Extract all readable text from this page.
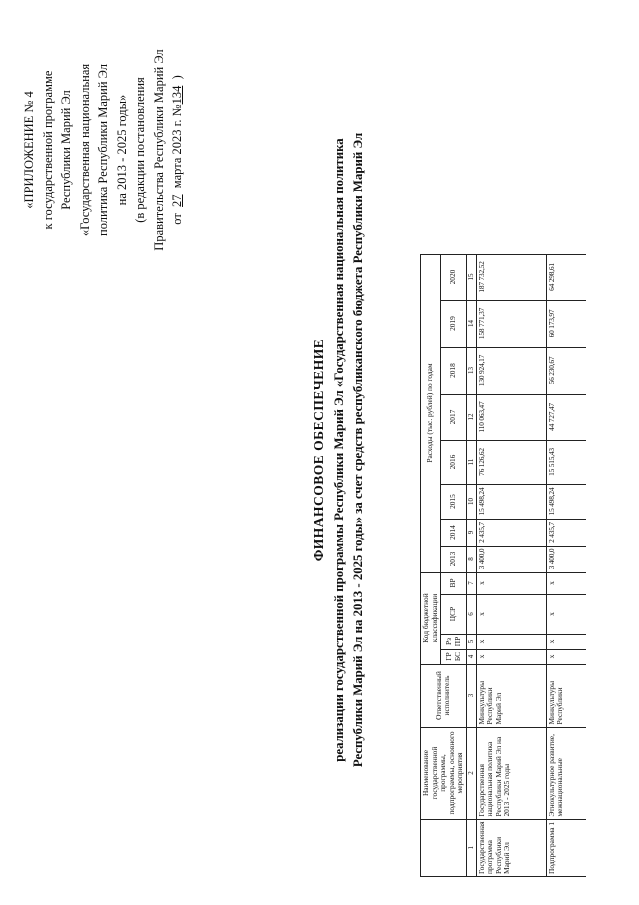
«ПРИЛОЖЕНИЕ № 4 к государственной программе Республики Марий Эл «Государственная национальная политика Республики Марий Эл на 2013 - 2025 годы» (в редакции постановления Правительства Республики Марий Эл от  27  марта 2023 г. №134  )
ФИНАНСОВОЕ ОБЕСПЕЧЕНИЕ реализации государственной программы Республики Марий Эл «Государственная национальная политика Республики Марий Эл на 2013 - 2025 годы» за счет средств республиканского бюджета Республики Марий Эл
	Наименование государственной программы, подпрограммы, основного мероприятия	Ответственный исполнитель	Код бюджетной классификации				Расходы (тыс. рублей) по годам							
			ГР БС	Рз ПР	ЦСР	ВР	2013	2014	2015	2016	2017	2018	2019	2020

1	2	3	4	5	6	7	8	9	10	11	12	13	14	15
Государственная программа Республики Марий Эл	Государственная национальная политика Республики Марий Эл на 2013 - 2025 годы	Минкультуры Республики Марий Эл	x	x	x	x	3 400,0	2 435,7	15 498,24	76 126,62	110 063,47	130 924,17	158 771,37	187 732,52
Подпрограмма 1	Этнокультурное развитие, межнациональные	Минкультуры Республики	x	x	x	x	3 400,0	2 435,7	15 498,24	15 515,43	44 727,47	56 230,67	60 173,97	64 298,61
